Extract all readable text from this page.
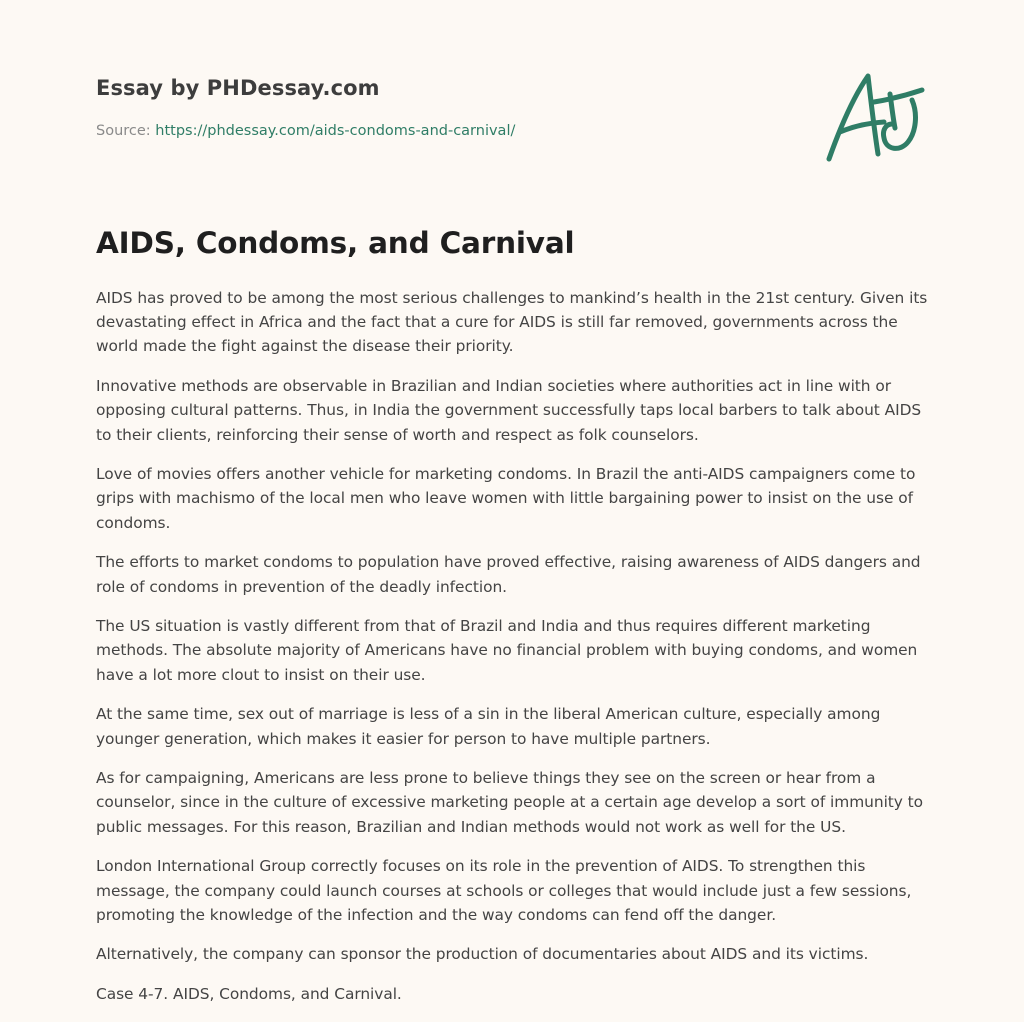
Essay by PHDessay.com
Source: https://phdessay.com/aids-condoms-and-carnival/
AIDS, Condoms, and Carnival

AIDS has proved to be among the most serious challenges to mankind’s health in the 21st century. Given its devastating effect in Africa and the fact that a cure for AIDS is still far removed, governments across the world made the fight against the disease their priority.

Innovative methods are observable in Brazilian and Indian societies where authorities act in line with or opposing cultural patterns. Thus, in India the government successfully taps local barbers to talk about AIDS to their clients, reinforcing their sense of worth and respect as folk counselors.

Love of movies offers another vehicle for marketing condoms. In Brazil the anti-AIDS campaigners come to grips with machismo of the local men who leave women with little bargaining power to insist on the use of condoms.

The efforts to market condoms to population have proved effective, raising awareness of AIDS dangers and role of condoms in prevention of the deadly infection.

The US situation is vastly different from that of Brazil and India and thus requires different marketing methods. The absolute majority of Americans have no financial problem with buying condoms, and women have a lot more clout to insist on their use.

At the same time, sex out of marriage is less of a sin in the liberal American culture, especially among younger generation, which makes it easier for person to have multiple partners.

As for campaigning, Americans are less prone to believe things they see on the screen or hear from a counselor, since in the culture of excessive marketing people at a certain age develop a sort of immunity to public messages. For this reason, Brazilian and Indian methods would not work as well for the US.

London International Group correctly focuses on its role in the prevention of AIDS. To strengthen this message, the company could launch courses at schools or colleges that would include just a few sessions, promoting the knowledge of the infection and the way condoms can fend off the danger.

Alternatively, the company can sponsor the production of documentaries about AIDS and its victims.

Case 4-7. AIDS, Condoms, and Carnival.
